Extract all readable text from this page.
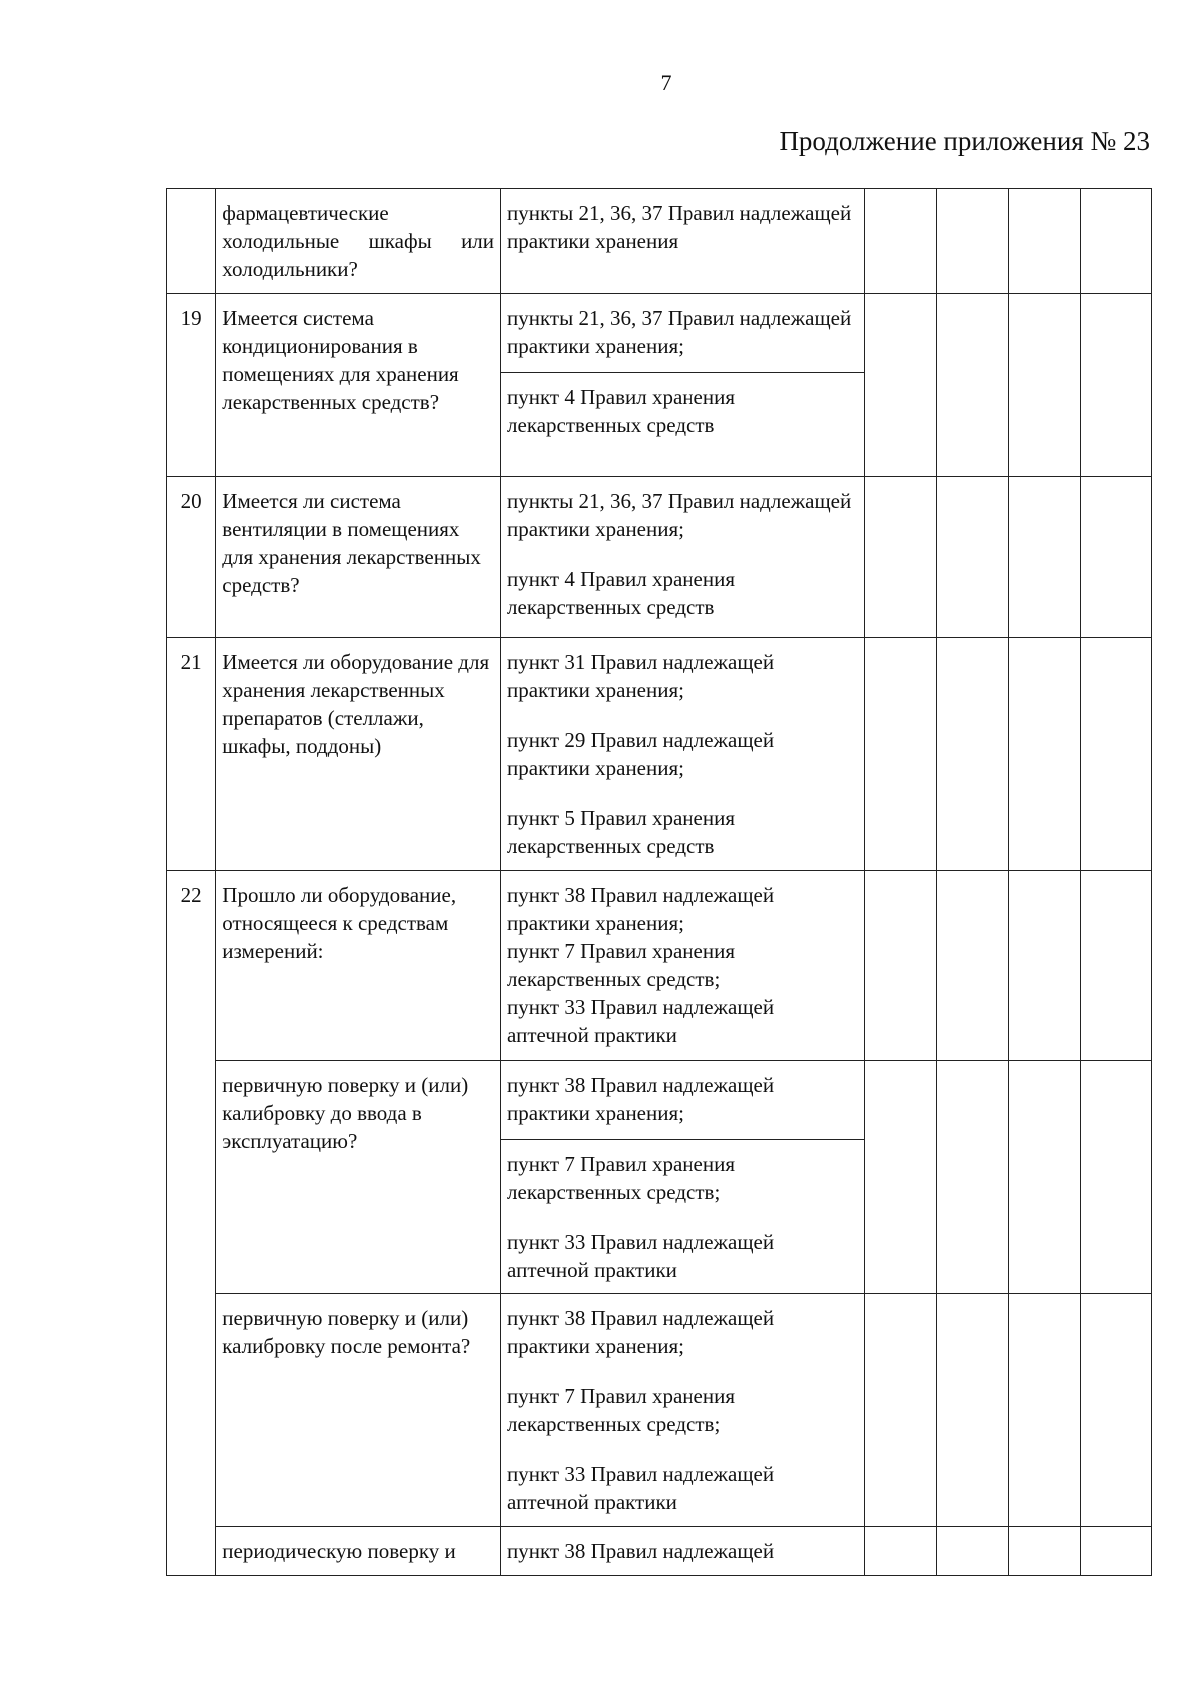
7
Продолжение приложения № 23

	фармацевтические холодильные шкафы или холодильники?	пункты 21, 36, 37 Правил надлежащей практики хранения				

19	Имеется система кондиционирования в помещениях для хранения лекарственных средств?	пункты 21, 36, 37 Правил надлежащей практики хранения;
пункт 4 Правил хранения лекарственных средств				

20	Имеется ли система вентиляции в помещениях для хранения лекарственных средств?	пункты 21, 36, 37 Правил надлежащей практики хранения;
пункт 4 Правил хранения лекарственных средств				

21	Имеется ли оборудование для хранения лекарственных препаратов (стеллажи, шкафы, поддоны)	пункт 31 Правил надлежащей практики хранения;
пункт 29 Правил надлежащей практики хранения;
пункт 5 Правил хранения лекарственных средств				

22	Прошло ли оборудование, относящееся к средствам измерений:	пункт 38 Правил надлежащей практики хранения;
пункт 7 Правил хранения лекарственных средств;
пункт 33 Правил надлежащей аптечной практики				

	первичную поверку и (или) калибровку до ввода в эксплуатацию?	пункт 38 Правил надлежащей практики хранения;
пункт 7 Правил хранения лекарственных средств;
пункт 33 Правил надлежащей аптечной практики				

	первичную поверку и (или) калибровку после ремонта?	пункт 38 Правил надлежащей практики хранения;
пункт 7 Правил хранения лекарственных средств;
пункт 33 Правил надлежащей аптечной практики				

	периодическую поверку и	пункт 38 Правил надлежащей				
